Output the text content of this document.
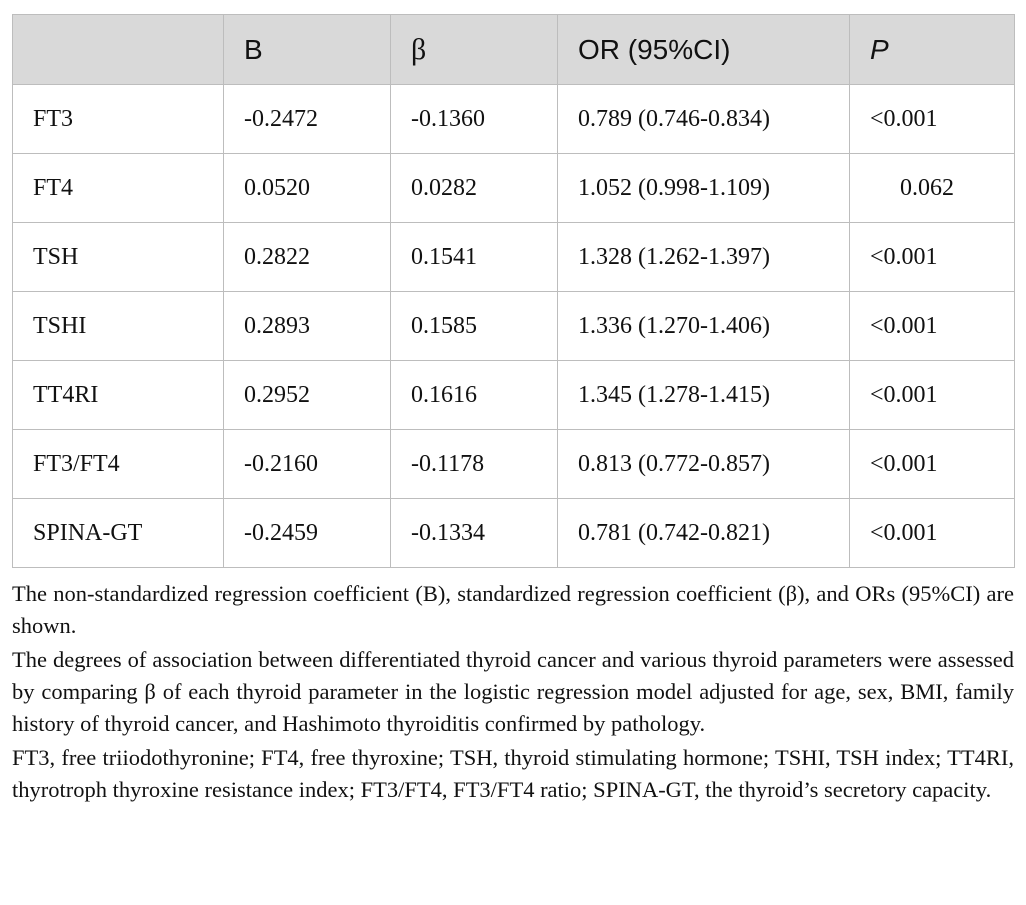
	B	β	OR (95%CI)	P
FT3	-0.2472	-0.1360	0.789 (0.746-0.834)	<0.001
FT4	0.0520	0.0282	1.052 (0.998-1.109)	0.062
TSH	0.2822	0.1541	1.328 (1.262-1.397)	<0.001
TSHI	0.2893	0.1585	1.336 (1.270-1.406)	<0.001
TT4RI	0.2952	0.1616	1.345 (1.278-1.415)	<0.001
FT3/FT4	-0.2160	-0.1178	0.813 (0.772-0.857)	<0.001
SPINA-GT	-0.2459	-0.1334	0.781 (0.742-0.821)	<0.001

The non-standardized regression coefficient (B), standardized regression coefficient (β), and ORs (95%CI) are shown.

The degrees of association between differentiated thyroid cancer and various thyroid parameters were assessed by comparing β of each thyroid parameter in the logistic regression model adjusted for age, sex, BMI, family history of thyroid cancer, and Hashimoto thyroiditis confirmed by pathology.

FT3, free triiodothyronine; FT4, free thyroxine; TSH, thyroid stimulating hormone; TSHI, TSH index; TT4RI, thyrotroph thyroxine resistance index; FT3/FT4, FT3/FT4 ratio; SPINA-GT, the thyroid’s secretory capacity.
